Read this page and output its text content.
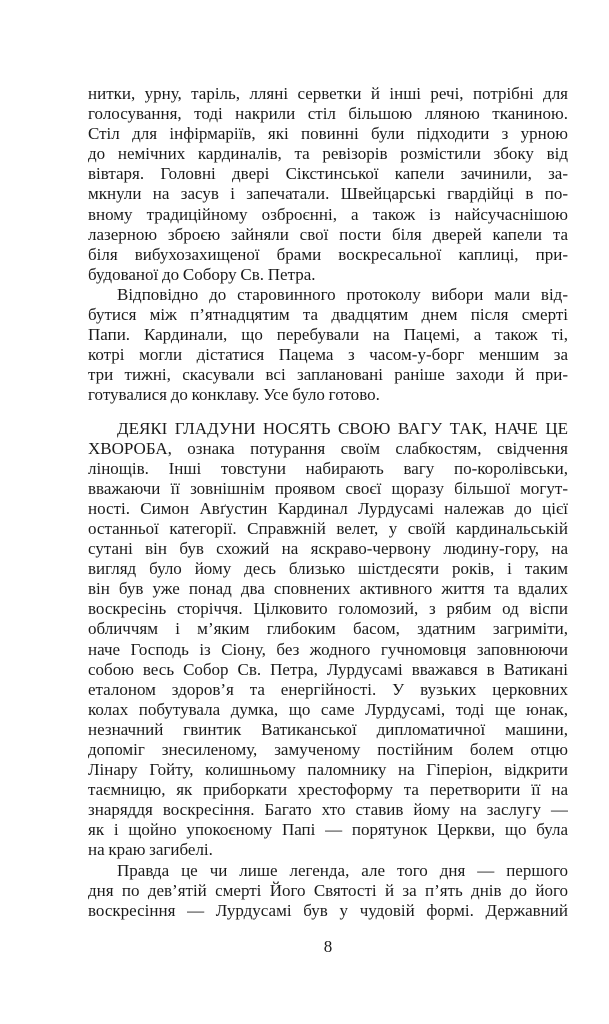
нитки, урну, таріль, лляні серветки й інші речі, потрібні для
голосування, тоді накрили стіл більшою лляною тканиною.
Стіл для інфірмаріїв, які повинні були підходити з урною
до немічних кардиналів, та ревізорів розмістили збоку від
вівтаря. Головні двері Сікстинської капели зачинили, за-
мкнули на засув і запечатали. Швейцарські гвардійці в по-
вному традиційному озброєнні, а також із найсучаснішою
лазерною зброєю зайняли свої пости біля дверей капели та
біля вибухозахищеної брами воскресальної каплиці, при-
будованої до Собору Св. Петра.
Відповідно до старовинного протоколу вибори мали від-
бутися між п’ятнадцятим та двадцятим днем після смерті
Папи. Кардинали, що перебували на Пацемі, а також ті,
котрі могли дістатися Пацема з часом-у-борг меншим за
три тижні, скасували всі заплановані раніше заходи й при-
готувалися до конклаву. Усе було готово.
ДЕЯКІ ГЛАДУНИ НОСЯТЬ СВОЮ ВАГУ ТАК, НАЧЕ ЦЕ
ХВОРОБА, ознака потурання своїм слабкостям, свідчення
лінощів. Інші товстуни набирають вагу по-королівськи,
вважаючи її зовнішнім проявом своєї щоразу більшої могут-
ності. Симон Авґустин Кардинал Лурдусамі належав до цієї
останньої категорії. Справжній велет, у своїй кардинальській
сутані він був схожий на яскраво-червону людину-гору, на
вигляд було йому десь близько шістдесяти років, і таким
він був уже понад два сповнених активного життя та вдалих
воскресінь сторіччя. Цілковито голомозий, з рябим од віспи
обличчям і м’яким глибоким басом, здатним загриміти,
наче Господь із Сіону, без жодного гучномовця заповнюючи
собою весь Собор Св. Петра, Лурдусамі вважався в Ватикані
еталоном здоров’я та енергійності. У вузьких церковних
колах побутувала думка, що саме Лурдусамі, тоді ще юнак,
незначний гвинтик Ватиканської дипломатичної машини,
допоміг знесиленому, замученому постійним болем отцю
Лінару Гойту, колишньому паломнику на Гіперіон, відкрити
таємницю, як приборкати хрестоформу та перетворити її на
знаряддя воскресіння. Багато хто ставив йому на заслугу —
як і щойно упокоєному Папі — порятунок Церкви, що була
на краю загибелі.
Правда це чи лише легенда, але того дня — першого
дня по дев’ятій смерті Його Святості й за п’ять днів до його
воскресіння — Лурдусамі був у чудовій формі. Державний
8
